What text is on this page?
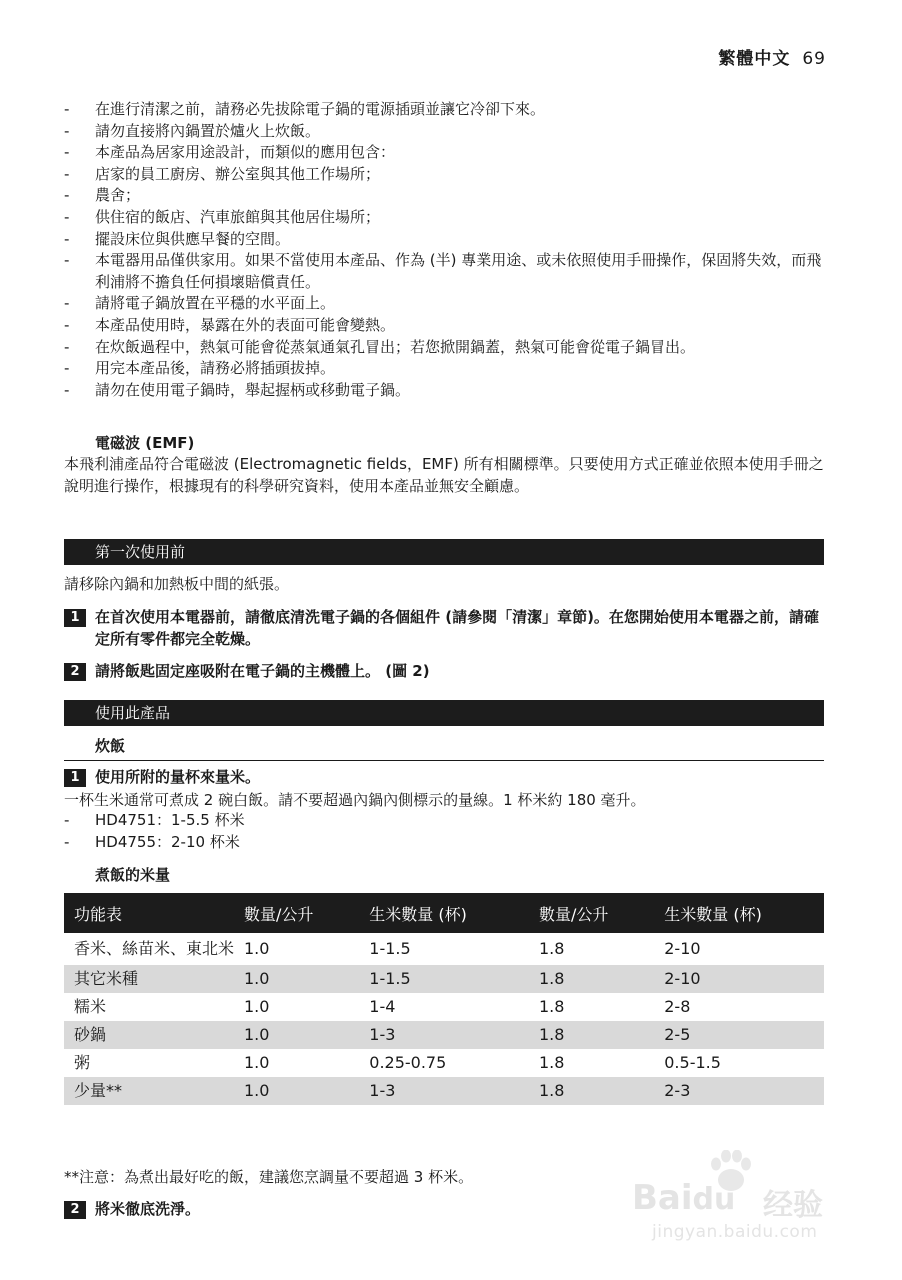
繁體中文 69
-	在進行清潔之前，請務必先拔除電子鍋的電源插頭並讓它冷卻下來。
-	請勿直接將內鍋置於爐火上炊飯。
-	本產品為居家用途設計，而類似的應用包含：
-	店家的員工廚房、辦公室與其他工作場所；
-	農舍；
-	供住宿的飯店、汽車旅館與其他居住場所；
-	擺設床位與供應早餐的空間。
-	本電器用品僅供家用。如果不當使用本產品、作為 (半) 專業用途、或未依照使用手冊操作，保固將失效，而飛利浦將不擔負任何損壞賠償責任。
-	請將電子鍋放置在平穩的水平面上。
-	本產品使用時，暴露在外的表面可能會變熱。
-	在炊飯過程中，熱氣可能會從蒸氣通氣孔冒出；若您掀開鍋蓋，熱氣可能會從電子鍋冒出。
-	用完本產品後，請務必將插頭拔掉。
-	請勿在使用電子鍋時，舉起握柄或移動電子鍋。
電磁波 (EMF)
本飛利浦產品符合電磁波 (Electromagnetic fields，EMF) 所有相關標準。只要使用方式正確並依照本使用手冊之說明進行操作，根據現有的科學研究資料，使用本產品並無安全顧慮。
第一次使用前
請移除內鍋和加熱板中間的紙張。
1	在首次使用本電器前，請徹底清洗電子鍋的各個組件 (請參閱「清潔」章節)。在您開始使用本電器之前，請確定所有零件都完全乾燥。
2	請將飯匙固定座吸附在電子鍋的主機體上。 (圖 2)
使用此產品
炊飯
1	使用所附的量杯來量米。
一杯生米通常可煮成 2 碗白飯。請不要超過內鍋內側標示的量線。1 杯米約 180 毫升。
-	HD4751：1-5.5 杯米
-	HD4755：2-10 杯米
煮飯的米量
功能表	數量/公升	生米數量 (杯)	數量/公升	生米數量 (杯)
香米、絲苗米、東北米	1.0	1-1.5	1.8	2-10
其它米種	1.0	1-1.5	1.8	2-10
糯米	1.0	1-4	1.8	2-8
砂鍋	1.0	1-3	1.8	2-5
粥	1.0	0.25-0.75	1.8	0.5-1.5
少量**	1.0	1-3	1.8	2-3
**注意：為煮出最好吃的飯，建議您烹調量不要超過 3 杯米。
2	將米徹底洗淨。	Baidu 经验
jingyan.baidu.com
